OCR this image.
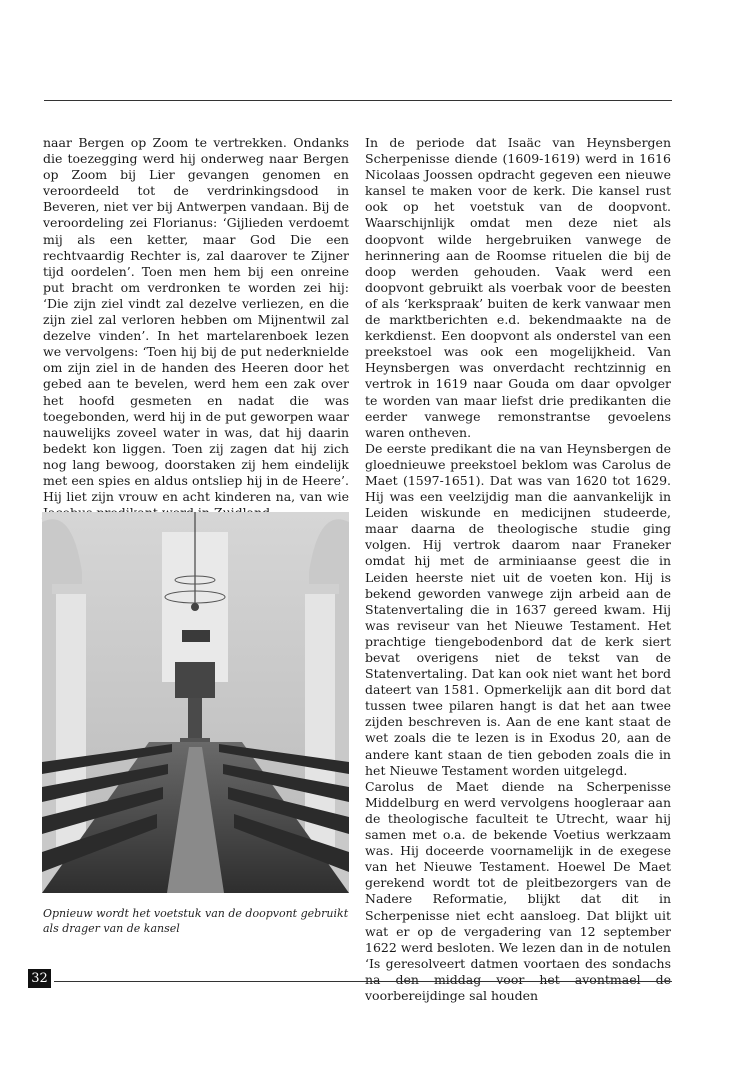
naar Bergen op Zoom te vertrekken. Ondanks die toezegging werd hij onderweg naar Bergen op Zoom bij Lier gevangen genomen en veroordeeld tot de verdrinkingsdood in Beveren, niet ver bij Antwerpen vandaan. Bij de veroordeling zei Florianus: ‘Gijlieden verdoemt mij als een ketter, maar God Die een rechtvaardig Rechter is, zal daarover te Zijner tijd oordelen’. Toen men hem bij een onreine put bracht om verdronken te worden zei hij: ‘Die zijn ziel vindt zal dezelve verliezen, en die zijn ziel zal verloren hebben om Mijnentwil zal dezelve vinden’. In het martelarenboek lezen we vervolgens: ‘Toen hij bij de put nederknielde om zijn ziel in de handen des Heeren door het gebed aan te bevelen, werd hem een zak over het hoofd gesmeten en nadat die was toegebonden, werd hij in de put geworpen waar nauwelijks zoveel water in was, dat hij daarin bedekt kon liggen. Toen zij zagen dat hij zich nog lang bewoog, doorstaken zij hem eindelijk met een spies en aldus ontsliep hij in de Heere’. Hij liet zijn vrouw en acht kinderen na, van wie

Opnieuw wordt het voetstuk van de doopvont gebruikt als drager van de kansel

In de periode dat Isaäc van Heynsbergen Scherpenisse diende (1609-1619) werd in 1616 Nicolaas Joossen opdracht gegeven een nieuwe kansel te maken voor de kerk. Die kansel rust ook op het voetstuk van de doopvont. Waarschijnlijk omdat men deze niet als doopvont wilde hergebruiken vanwege de herinnering aan de Roomse rituelen die bij de doop werden gehouden. Vaak werd een doopvont gebruikt als voerbak voor de beesten of als ‘kerkspraak’ buiten de kerk vanwaar men de marktberichten e.d. bekendmaakte na de kerkdienst. Een doopvont als onderstel van een preekstoel was ook een mogelijkheid. Van Heynsbergen was onverdacht rechtzinnig en vertrok in 1619 naar Gouda om daar opvolger te worden van maar liefst drie predikanten die eerder vanwege remonstrantse gevoelens waren ontheven.

De eerste predikant die na van Heynsbergen de gloednieuwe preekstoel beklom was Carolus de Maet (1597-1651). Dat was van 1620 tot 1629. Hij was een veelzijdig man die aanvankelijk in Leiden wiskunde en medicijnen studeerde, maar daarna de theologische studie ging volgen. Hij vertrok daarom naar Franeker omdat hij met de arminiaanse geest die in Leiden heerste niet uit de voeten kon. Hij is bekend geworden vanwege zijn arbeid aan de Statenvertaling die in 1637 gereed kwam. Hij was reviseur van het Nieuwe Testament. Het prachtige tiengebodenbord dat de kerk siert bevat overigens niet de tekst van de Statenvertaling. Dat kan ook niet want het bord dateert van 1581. Opmerkelijk aan dit bord dat tussen twee pilaren hangt is dat het aan twee zijden beschreven is. Aan de ene kant staat de wet zoals die te lezen is in Exodus 20, aan de andere kant staan de tien geboden zoals die in het Nieuwe Testament worden uitgelegd.

Carolus de Maet diende na Scherpenisse Middelburg en werd vervolgens hoogleraar aan de theologische faculteit te Utrecht, waar hij samen met o.a. de bekende Voetius werkzaam was. Hij doceerde voornamelijk in de exegese van het Nieuwe Testament. Hoewel De Maet gerekend wordt tot de pleitbezorgers van de Nadere Reformatie, blijkt dat dit in Scherpenisse niet echt aansloeg. Dat blijkt uit wat er op de vergadering van 12 september 1622 werd besloten. We lezen dan in de notulen ‘Is geresolveert datmen voortaen des sondachs na den middag voor het avontmael de voorbereijdinge sal houden

32
